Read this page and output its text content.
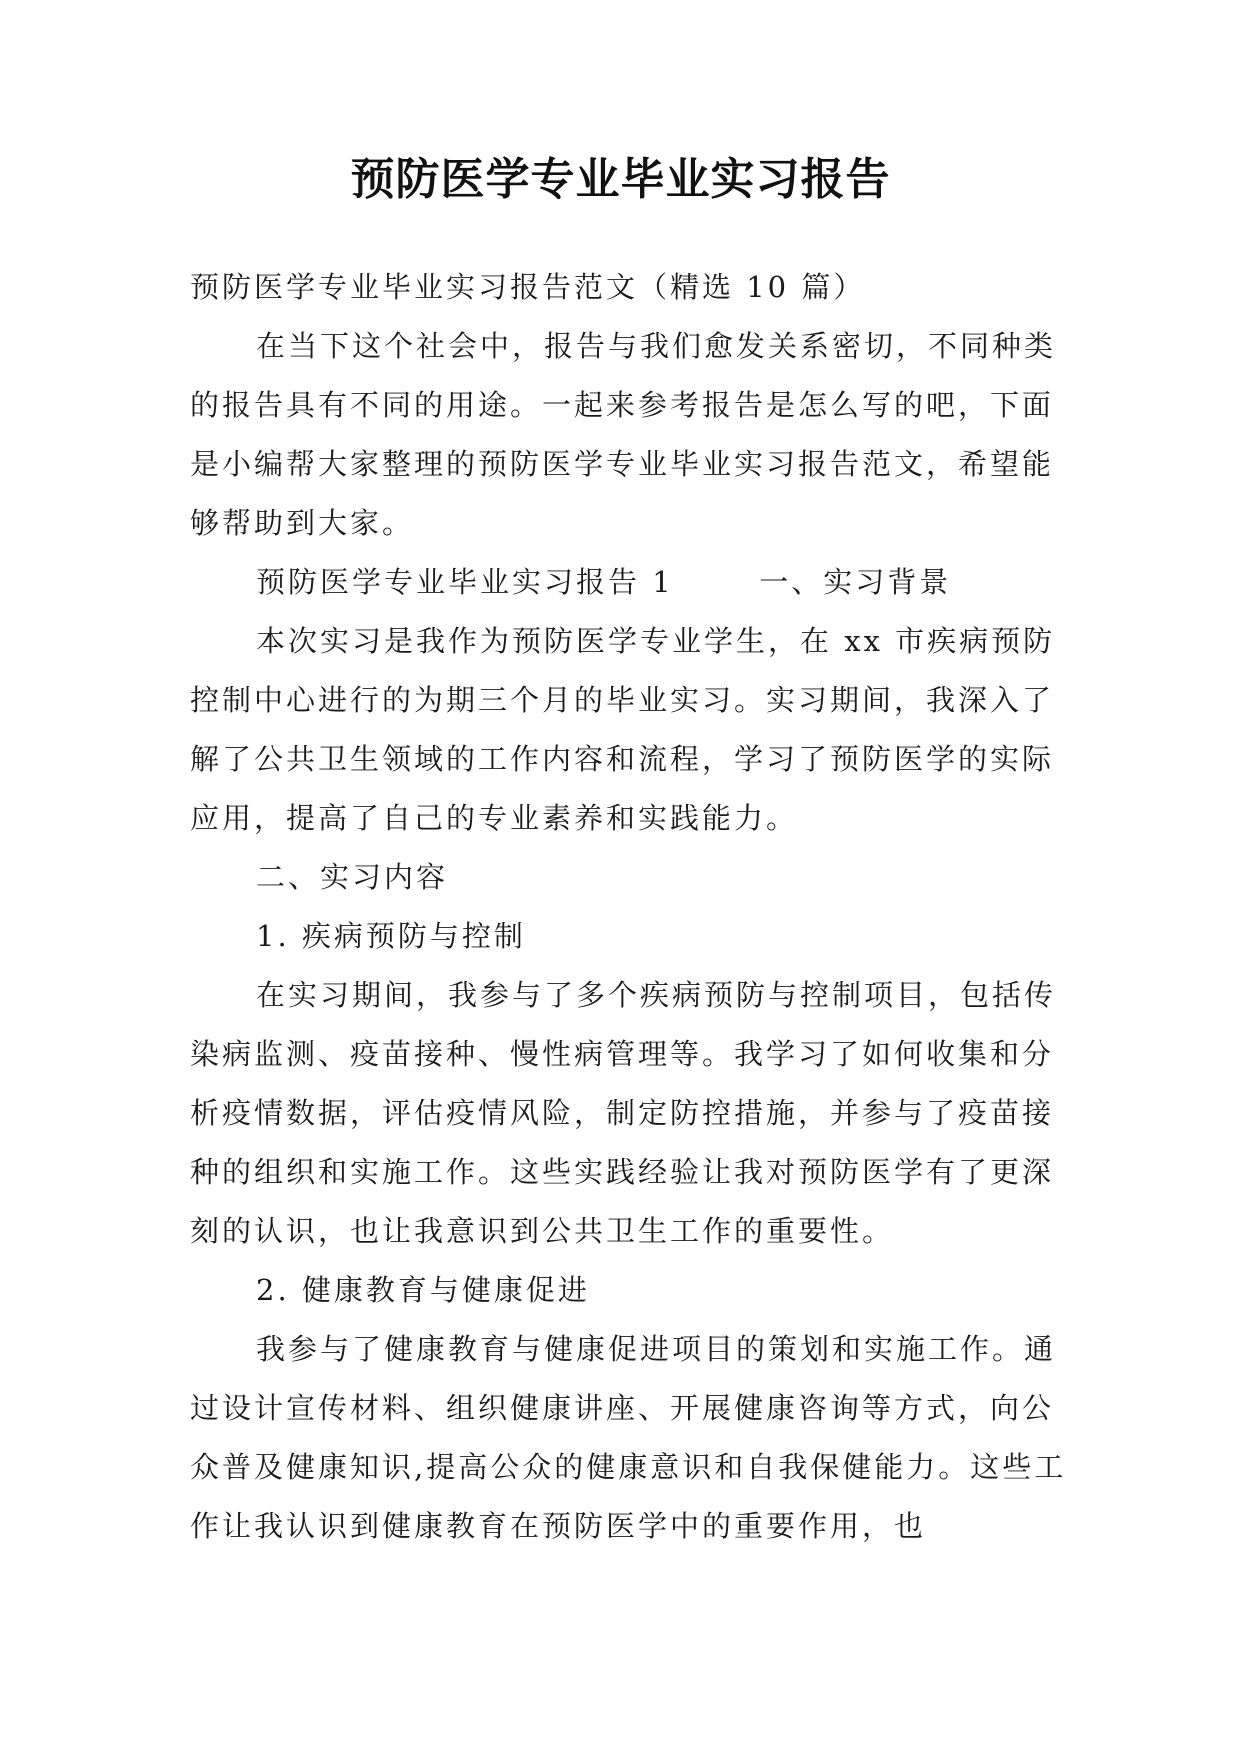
预防医学专业毕业实习报告

预防医学专业毕业实习报告范文（精选 10 篇）

在当下这个社会中，报告与我们愈发关系密切，不同种类的报告具有不同的用途。一起来参考报告是怎么写的吧，下面是小编帮大家整理的预防医学专业毕业实习报告范文，希望能够帮助到大家。

预防医学专业毕业实习报告 1	一、实习背景

本次实习是我作为预防医学专业学生，在 xx 市疾病预防控制中心进行的为期三个月的毕业实习。实习期间，我深入了解了公共卫生领域的工作内容和流程，学习了预防医学的实际应用，提高了自己的专业素养和实践能力。

二、实习内容

1. 疾病预防与控制

在实习期间，我参与了多个疾病预防与控制项目，包括传染病监测、疫苗接种、慢性病管理等。我学习了如何收集和分析疫情数据，评估疫情风险，制定防控措施，并参与了疫苗接种的组织和实施工作。这些实践经验让我对预防医学有了更深刻的认识，也让我意识到公共卫生工作的重要性。

2. 健康教育与健康促进

我参与了健康教育与健康促进项目的策划和实施工作。通过设计宣传材料、组织健康讲座、开展健康咨询等方式，向公众普及健康知识,提高公众的健康意识和自我保健能力。这些工作让我认识到健康教育在预防医学中的重要作用，也
